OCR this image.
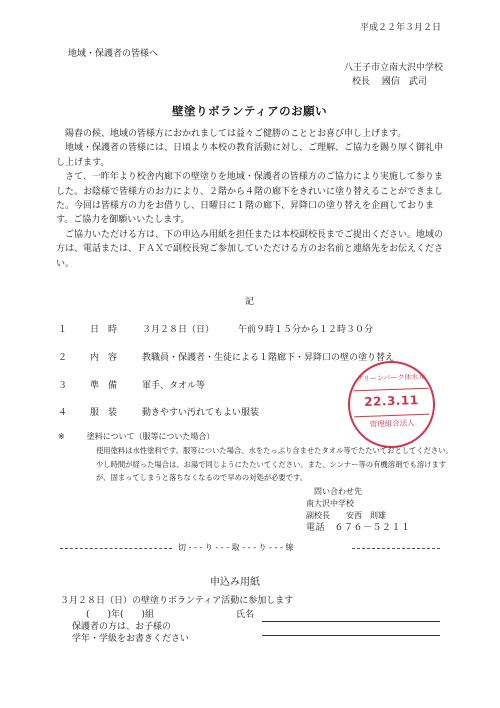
平成２２年３月２日
地域・保護者の皆様へ
八王子市立南大沢中学校
校長　 國信　武司
壁塗りボランティアのお願い

陽春の候、地域の皆様方におかれましては益々ご健勝のこととお喜び申し上げます。

地域・保護者の皆様には、日頃より本校の教育活動に対し、ご理解、ご協力を賜り厚く御礼申し上げます。

さて、一昨年より校舎内廊下の壁塗りを地域・保護者の皆様方のご協力により実施して参りました。お陰様で皆様方のお力により、２階から４階の廊下をきれいに塗り替えることができました。今回は皆様方の力をお借りし、日曜日に１階の廊下、昇降口の塗り替えを企画しております。ご協力を御願いいたします。

ご協力いただける方は、下の申込み用紙を担任または本校副校長までご提出ください。地域の方は、電話または、ＦＡＸで副校長宛ご参加していただける方のお名前と連絡先をお伝えください。

記
１	日　時	３月２８日（日）	午前９時１５分から１２時３０分
２	内　容	教職員・保護者・生徒による１階廊下・昇降口の壁の塗り替え
３	準　備	軍手、タオル等
４	服　装	動きやすい汚れてもよい服装
グリーンパーク休水元
22.3.11
管理組合法人
※	塗料について（服等についた場合）
使用塗料は水性塗料です。服等についた場合、水をたっぷり含ませたタオル等でたたいておとしてください。少し時間が経った場合は、お湯で同じようにたたいてください。また、シンナー等の有機溶剤でも溶けますが、固まってしまうと落ちなくなるので早めの対処が必要です。
問い合わせ先
南大沢中学校
副校長　　安西　則雄
電話　６７６－５２１１
切 - - - り - - - 取 - - - り - - - 線
申込み用紙
３月２８日（日）の壁塗りボランティア活動に参加します
(　　)年(　　)組	氏名
保護者の方は、お子様の
学年・学級をお書きください
